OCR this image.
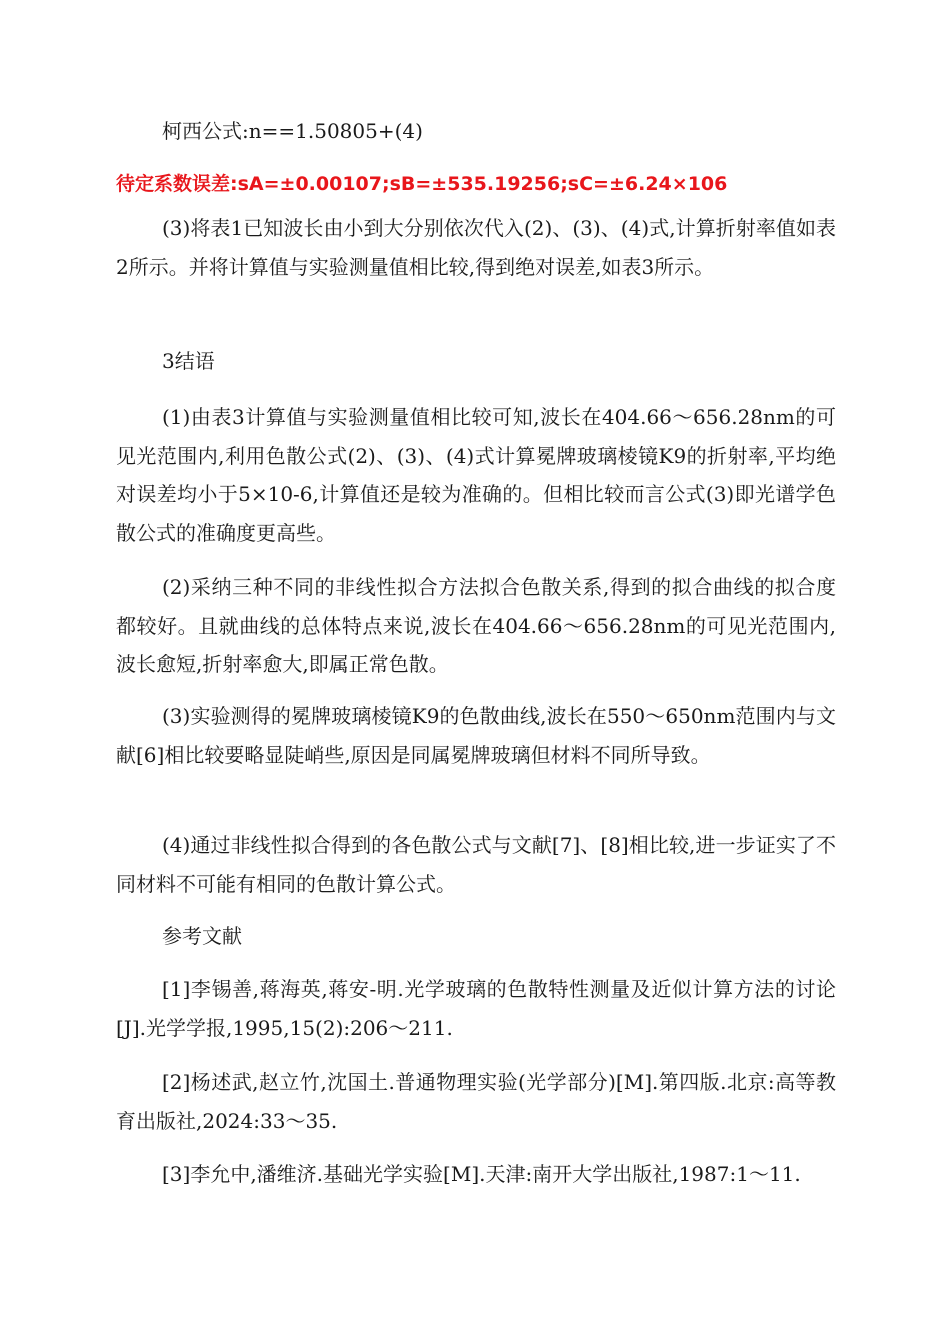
柯西公式:n==1.50805+(4)

待定系数误差:sA=±0.00107;sB=±535.19256;sC=±6.24×106

(3)将表1已知波长由小到大分别依次代入(2)、(3)、(4)式,计算折射率值如表2所示。并将计算值与实验测量值相比较,得到绝对误差,如表3所示。

3结语

(1)由表3计算值与实验测量值相比较可知,波长在404.66～656.28nm的可见光范围内,利用色散公式(2)、(3)、(4)式计算冕牌玻璃棱镜K9的折射率,平均绝对误差均小于5×10-6,计算值还是较为准确的。但相比较而言公式(3)即光谱学色散公式的准确度更高些。

(2)采纳三种不同的非线性拟合方法拟合色散关系,得到的拟合曲线的拟合度都较好。且就曲线的总体特点来说,波长在404.66～656.28nm的可见光范围内,波长愈短,折射率愈大,即属正常色散。

(3)实验测得的冕牌玻璃棱镜K9的色散曲线,波长在550～650nm范围内与文献[6]相比较要略显陡峭些,原因是同属冕牌玻璃但材料不同所导致。

(4)通过非线性拟合得到的各色散公式与文献[7]、[8]相比较,进一步证实了不同材料不可能有相同的色散计算公式。

参考文献

[1]李锡善,蒋海英,蒋安-明.光学玻璃的色散特性测量及近似计算方法的讨论[J].光学学报,1995,15(2):206～211.

[2]杨述武,赵立竹,沈国土.普通物理实验(光学部分)[M].第四版.北京:高等教育出版社,2024:33～35.

[3]李允中,潘维济.基础光学实验[M].天津:南开大学出版社,1987:1～11.
